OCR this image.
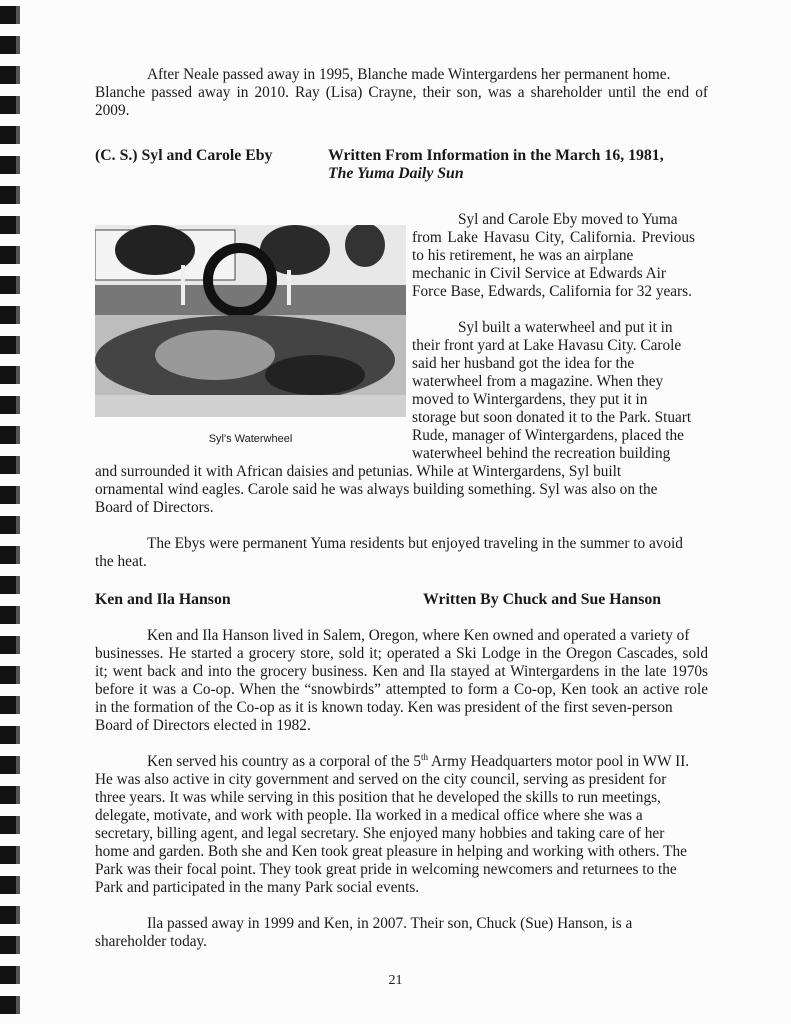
After Neale passed away in 1995, Blanche made Wintergardens her permanent home.
Blanche passed away in 2010. Ray (Lisa) Crayne, their son, was a shareholder until the end of
2009.
(C. S.) Syl and Carole Eby	Written From Information in the March 16, 1981,
The Yuma Daily Sun
Syl's Waterwheel
Syl and Carole Eby moved to Yuma
from Lake Havasu City, California. Previous
to his retirement, he was an airplane
mechanic in Civil Service at Edwards Air
Force Base, Edwards, California for 32 years.
Syl built a waterwheel and put it in
their front yard at Lake Havasu City. Carole
said her husband got the idea for the
waterwheel from a magazine. When they
moved to Wintergardens, they put it in
storage but soon donated it to the Park. Stuart
Rude, manager of Wintergardens, placed the
waterwheel behind the recreation building
and surrounded it with African daisies and petunias. While at Wintergardens, Syl built
ornamental wind eagles. Carole said he was always building something. Syl was also on the
Board of Directors.
The Ebys were permanent Yuma residents but enjoyed traveling in the summer to avoid
the heat.
Ken and Ila Hanson	Written By Chuck and Sue Hanson
Ken and Ila Hanson lived in Salem, Oregon, where Ken owned and operated a variety of
businesses. He started a grocery store, sold it; operated a Ski Lodge in the Oregon Cascades, sold
it; went back and into the grocery business. Ken and Ila stayed at Wintergardens in the late 1970s
before it was a Co-op. When the “snowbirds” attempted to form a Co-op, Ken took an active role
in the formation of the Co-op as it is known today. Ken was president of the first seven-person
Board of Directors elected in 1982.
Ken served his country as a corporal of the 5th Army Headquarters motor pool in WW II.
He was also active in city government and served on the city council, serving as president for
three years. It was while serving in this position that he developed the skills to run meetings,
delegate, motivate, and work with people. Ila worked in a medical office where she was a
secretary, billing agent, and legal secretary. She enjoyed many hobbies and taking care of her
home and garden. Both she and Ken took great pleasure in helping and working with others. The
Park was their focal point. They took great pride in welcoming newcomers and returnees to the
Park and participated in the many Park social events.
Ila passed away in 1999 and Ken, in 2007. Their son, Chuck (Sue) Hanson, is a
shareholder today.
21
